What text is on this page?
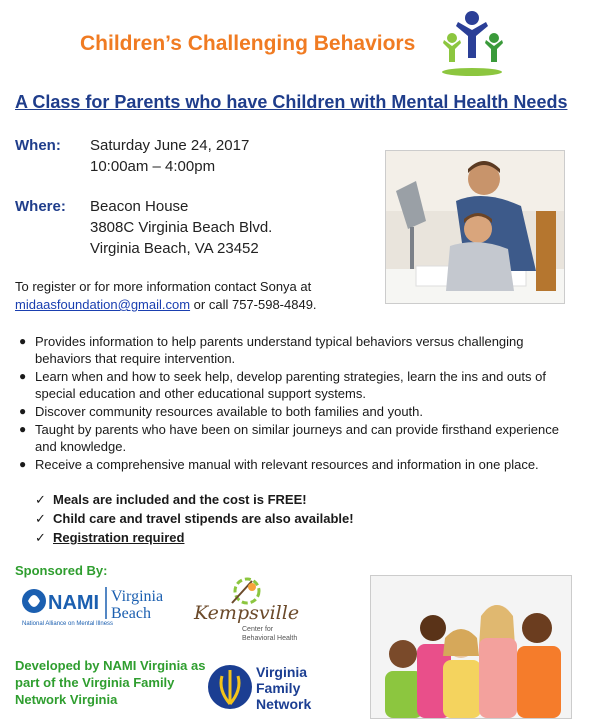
Children’s Challenging Behaviors
A Class for Parents who have Children with Mental Health Needs
When: Saturday June 24, 2017
10:00am – 4:00pm
Where: Beacon House
3808C Virginia Beach Blvd.
Virginia Beach, VA 23452
To register or for more information contact Sonya at
midaasfoundation@gmail.com or call 757-598-4849.
● Provides information to help parents understand typical behaviors versus challenging behaviors that require intervention.
● Learn when and how to seek help, develop parenting strategies, learn the ins and outs of special education and other educational support systems.
● Discover community resources available to both families and youth.
● Taught by parents who have been on similar journeys and can provide firsthand experience and knowledge.
● Receive a comprehensive manual with relevant resources and information in one place.
✓ Meals are included and the cost is FREE!
✓ Child care and travel stipends are also available!
✓ Registration required
Sponsored By:
NAMI
National Alliance on Mental Illness
Virginia
Beach Kempsville
Center for
Behavioral Health
Developed by NAMI Virginia as part of the Virginia Family Network Virginia
Virginia
Family
Network
